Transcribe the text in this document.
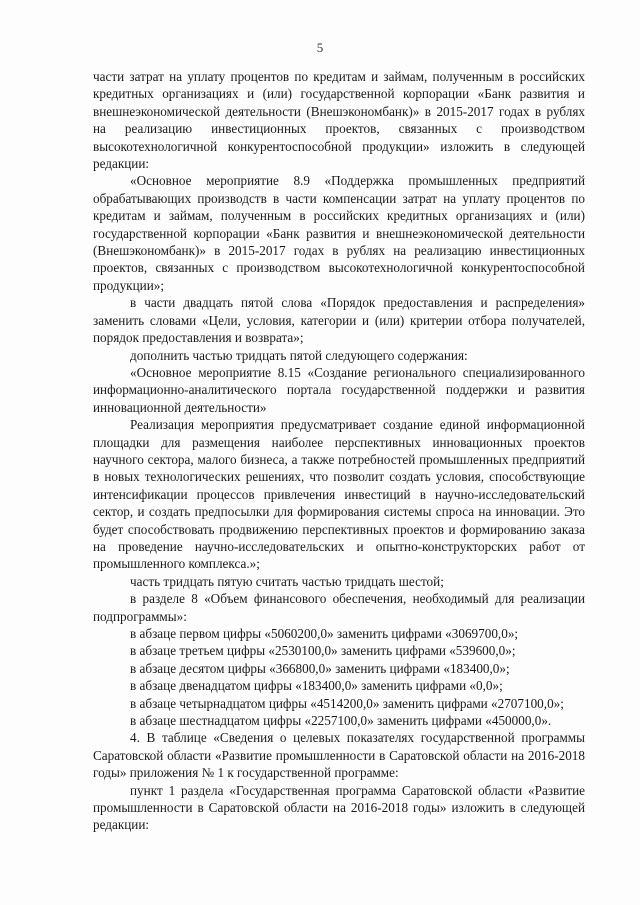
5

части затрат на уплату процентов по кредитам и займам, полученным в российских кредитных организациях и (или) государственной корпорации «Банк развития и внешнеэкономической деятельности (Внешэкономбанк)» в 2015-2017 годах в рублях на реализацию инвестиционных проектов, связанных с производством высокотехнологичной конкурентоспособной продукции» изложить в следующей редакции:

«Основное мероприятие 8.9 «Поддержка промышленных предприятий обрабатывающих производств в части компенсации затрат на уплату процентов по кредитам и займам, полученным в российских кредитных организациях и (или) государственной корпорации «Банк развития и внешнеэкономической деятельности (Внешэкономбанк)» в 2015-2017 годах в рублях на реализацию инвестиционных проектов, связанных с производством высокотехнологичной конкурентоспособной продукции»;

в части двадцать пятой слова «Порядок предоставления и распределения» заменить словами «Цели, условия, категории и (или) критерии отбора получателей, порядок предоставления и возврата»;

дополнить частью тридцать пятой следующего содержания:

«Основное мероприятие 8.15 «Создание регионального специализированного информационно-аналитического портала государственной поддержки и развития инновационной деятельности»

Реализация мероприятия предусматривает создание единой информационной площадки для размещения наиболее перспективных инновационных проектов научного сектора, малого бизнеса, а также потребностей промышленных предприятий в новых технологических решениях, что позволит создать условия, способствующие интенсификации процессов привлечения инвестиций в научно-исследовательский сектор, и создать предпосылки для формирования системы спроса на инновации. Это будет способствовать продвижению перспективных проектов и формированию заказа на проведение научно-исследовательских и опытно-конструкторских работ от промышленного комплекса.»;

часть тридцать пятую считать частью тридцать шестой;

в разделе 8 «Объем финансового обеспечения, необходимый для реализации подпрограммы»:

в абзаце первом цифры «5060200,0» заменить цифрами «3069700,0»;

в абзаце третьем цифры «2530100,0» заменить цифрами «539600,0»;

в абзаце десятом цифры «366800,0» заменить цифрами «183400,0»;

в абзаце двенадцатом цифры «183400,0» заменить цифрами «0,0»;

в абзаце четырнадцатом цифры «4514200,0» заменить цифрами «2707100,0»;

в абзаце шестнадцатом цифры «2257100,0» заменить цифрами «450000,0».

4. В таблице «Сведения о целевых показателях государственной программы Саратовской области «Развитие промышленности в Саратовской области на 2016-2018 годы» приложения № 1 к государственной программе:

пункт 1 раздела «Государственная программа Саратовской области «Развитие промышленности в Саратовской области на 2016-2018 годы» изложить в следующей редакции:
